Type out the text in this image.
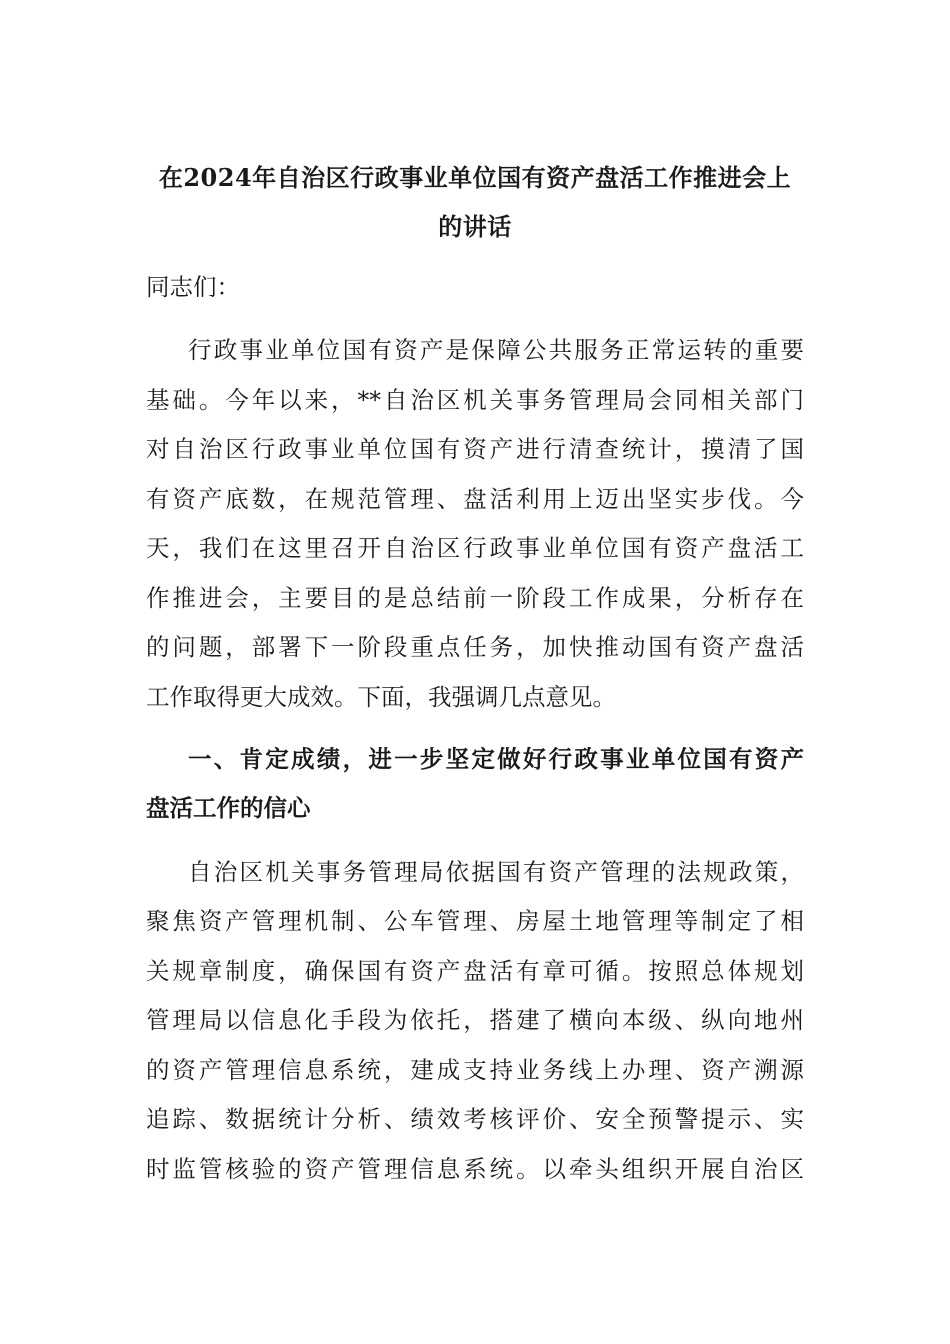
在2024年自治区行政事业单位国有资产盘活工作推进会上
的讲话
同志们：
行政事业单位国有资产是保障公共服务正常运转的重要
基础。今年以来，**自治区机关事务管理局会同相关部门
对自治区行政事业单位国有资产进行清查统计，摸清了国
有资产底数，在规范管理、盘活利用上迈出坚实步伐。今
天，我们在这里召开自治区行政事业单位国有资产盘活工
作推进会，主要目的是总结前一阶段工作成果，分析存在
的问题，部署下一阶段重点任务，加快推动国有资产盘活
工作取得更大成效。下面，我强调几点意见。
一、肯定成绩，进一步坚定做好行政事业单位国有资产
盘活工作的信心
自治区机关事务管理局依据国有资产管理的法规政策，
聚焦资产管理机制、公车管理、房屋土地管理等制定了相
关规章制度，确保国有资产盘活有章可循。按照总体规划
管理局以信息化手段为依托，搭建了横向本级、纵向地州
的资产管理信息系统，建成支持业务线上办理、资产溯源
追踪、数据统计分析、绩效考核评价、安全预警提示、实
时监管核验的资产管理信息系统。以牵头组织开展自治区
